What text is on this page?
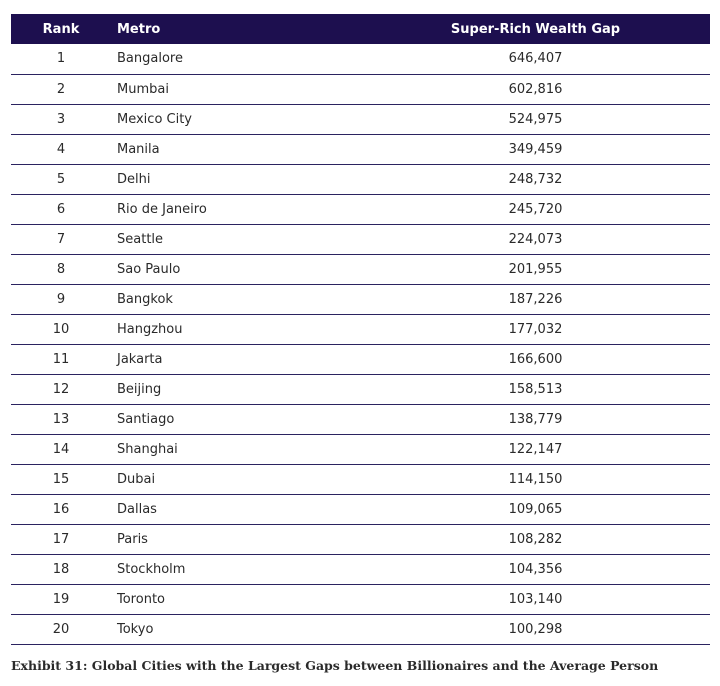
Rank	Metro	Super-Rich Wealth Gap
1	Bangalore	646,407
2	Mumbai	602,816
3	Mexico City	524,975
4	Manila	349,459
5	Delhi	248,732
6	Rio de Janeiro	245,720
7	Seattle	224,073
8	Sao Paulo	201,955
9	Bangkok	187,226
10	Hangzhou	177,032
11	Jakarta	166,600
12	Beijing	158,513
13	Santiago	138,779
14	Shanghai	122,147
15	Dubai	114,150
16	Dallas	109,065
17	Paris	108,282
18	Stockholm	104,356
19	Toronto	103,140
20	Tokyo	100,298
Exhibit 31: Global Cities with the Largest Gaps between Billionaires and the Average Person
